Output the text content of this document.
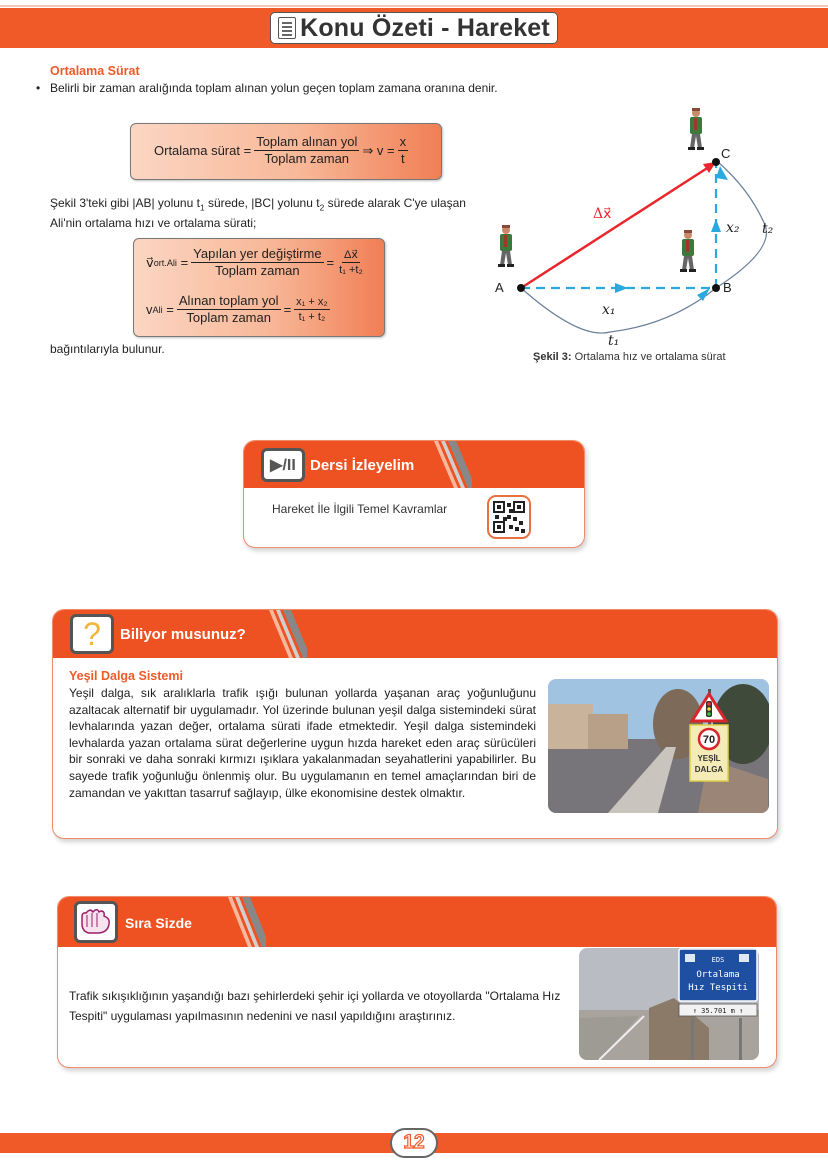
Konu Özeti - Hareket
Ortalama Sürat
• Belirli bir zaman aralığında toplam alınan yolun geçen toplam zamana oranına denir.
Ortalama sürat = $\frac{\text{Toplam alınan yol}}{\text{Toplam zaman}}$ ⇒ $v = \frac{x}{t}$
Şekil 3'teki gibi |AB| yolunu $t_1$ sürede, |BC| yolunu $t_2$ sürede alarak C'ye ulaşan
Ali'nin ortalama hızı ve ortalama sürati;
v⃗ $ort.Ali = \frac{\text{Yapılan yer değiştirme}}{\text{Toplam zaman}} = \frac{\Delta x⃗}{\text{t₁ +t₂}}$
v Ali = $\frac{\text{Alınan toplam yol}}{\text{Toplam zaman}} = \frac{\text{x₁ + x₂}}{\text{t₁ + t₂}}$
bağıntılarıyla bulunur.
A	B
C
Δx⃗
x₁
x₂
t₁
t₂
Şekil 3: Ortalama hız ve ortalama sürat
▶/II Dersi İzleyelim
Hareket İle İlgili Temel Kavramlar
? Biliyor musunuz?
Yeşil Dalga Sistemi
Yeşil dalga, sık aralıklarla trafik ışığı bulunan yollarda yaşanan araç yoğunluğunu azaltacak alternatif bir uygulamadır. Yol üzerinde bulunan yeşil dalga sistemindeki sürat levhalarında yazan değer, ortalama sürati ifade etmektedir. Yeşil dalga sistemindeki levhalarda yazan ortalama sürat değerlerine uygun hızda hareket eden araç sürücüleri bir sonraki ve daha sonraki kırmızı ışıklara yakalanmadan seyahatlerini yapabilirler. Bu sayede trafik yoğunluğu önlenmiş olur. Bu uygulamanın en temel amaçlarından biri de zamandan ve yakıttan tasarruf sağlayıp, ülke ekonomisine destek olmaktır.
70
YEŞİL
DALGA
Sıra Sizde
Trafik sıkışıklığının yaşandığı bazı şehirlerdeki şehir içi yollarda ve otoyollarda "Ortalama Hız Tespiti" uygulaması yapılmasının nedenini ve nasıl yapıldığını araştırınız.
EDS
Ortalama
Hız Tespiti
↑ 35.701 m ↑
12
